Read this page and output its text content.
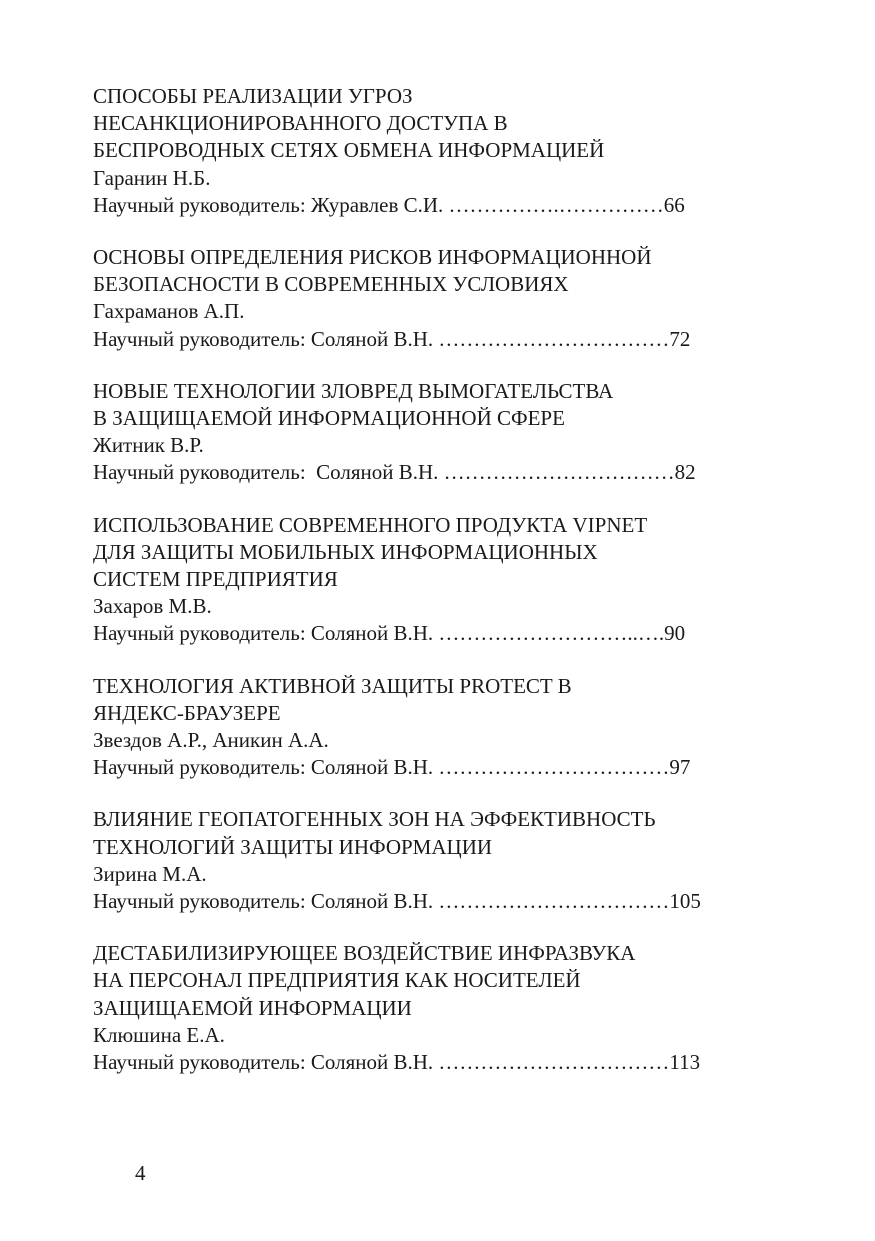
СПОСОБЫ РЕАЛИЗАЦИИ УГРОЗ
НЕСАНКЦИОНИРОВАННОГО ДОСТУПА В
БЕСПРОВОДНЫХ СЕТЯХ ОБМЕНА ИНФОРМАЦИЕЙ
Гаранин Н.Б.
Научный руководитель: Журавлев С.И. …………….……………66
ОСНОВЫ ОПРЕДЕЛЕНИЯ РИСКОВ ИНФОРМАЦИОННОЙ
БЕЗОПАСНОСТИ В СОВРЕМЕННЫХ УСЛОВИЯХ
Гахраманов А.П.
Научный руководитель: Соляной В.Н. ……………………………72
НОВЫЕ ТЕХНОЛОГИИ ЗЛОВРЕД ВЫМОГАТЕЛЬСТВА
В ЗАЩИЩАЕМОЙ ИНФОРМАЦИОННОЙ СФЕРЕ
Житник В.Р.
Научный руководитель:  Соляной В.Н. ……………………………82
ИСПОЛЬЗОВАНИЕ СОВРЕМЕННОГО ПРОДУКТА VIPNET
ДЛЯ ЗАЩИТЫ МОБИЛЬНЫХ ИНФОРМАЦИОННЫХ
СИСТЕМ ПРЕДПРИЯТИЯ
Захаров М.В.
Научный руководитель: Соляной В.Н. ………………………..….90
ТЕХНОЛОГИЯ АКТИВНОЙ ЗАЩИТЫ PROTECT В
ЯНДЕКС-БРАУЗЕРЕ
Звездов А.Р., Аникин А.А.
Научный руководитель: Соляной В.Н. ……………………………97
ВЛИЯНИЕ ГЕОПАТОГЕННЫХ ЗОН НА ЭФФЕКТИВНОСТЬ
ТЕХНОЛОГИЙ ЗАЩИТЫ ИНФОРМАЦИИ
Зирина М.А.
Научный руководитель: Соляной В.Н. ……………………………105
ДЕСТАБИЛИЗИРУЮЩЕЕ ВОЗДЕЙСТВИЕ ИНФРАЗВУКА
НА ПЕРСОНАЛ ПРЕДПРИЯТИЯ КАК НОСИТЕЛЕЙ
ЗАЩИЩАЕМОЙ ИНФОРМАЦИИ
Клюшина Е.А.
Научный руководитель: Соляной В.Н. ……………………………113
4
